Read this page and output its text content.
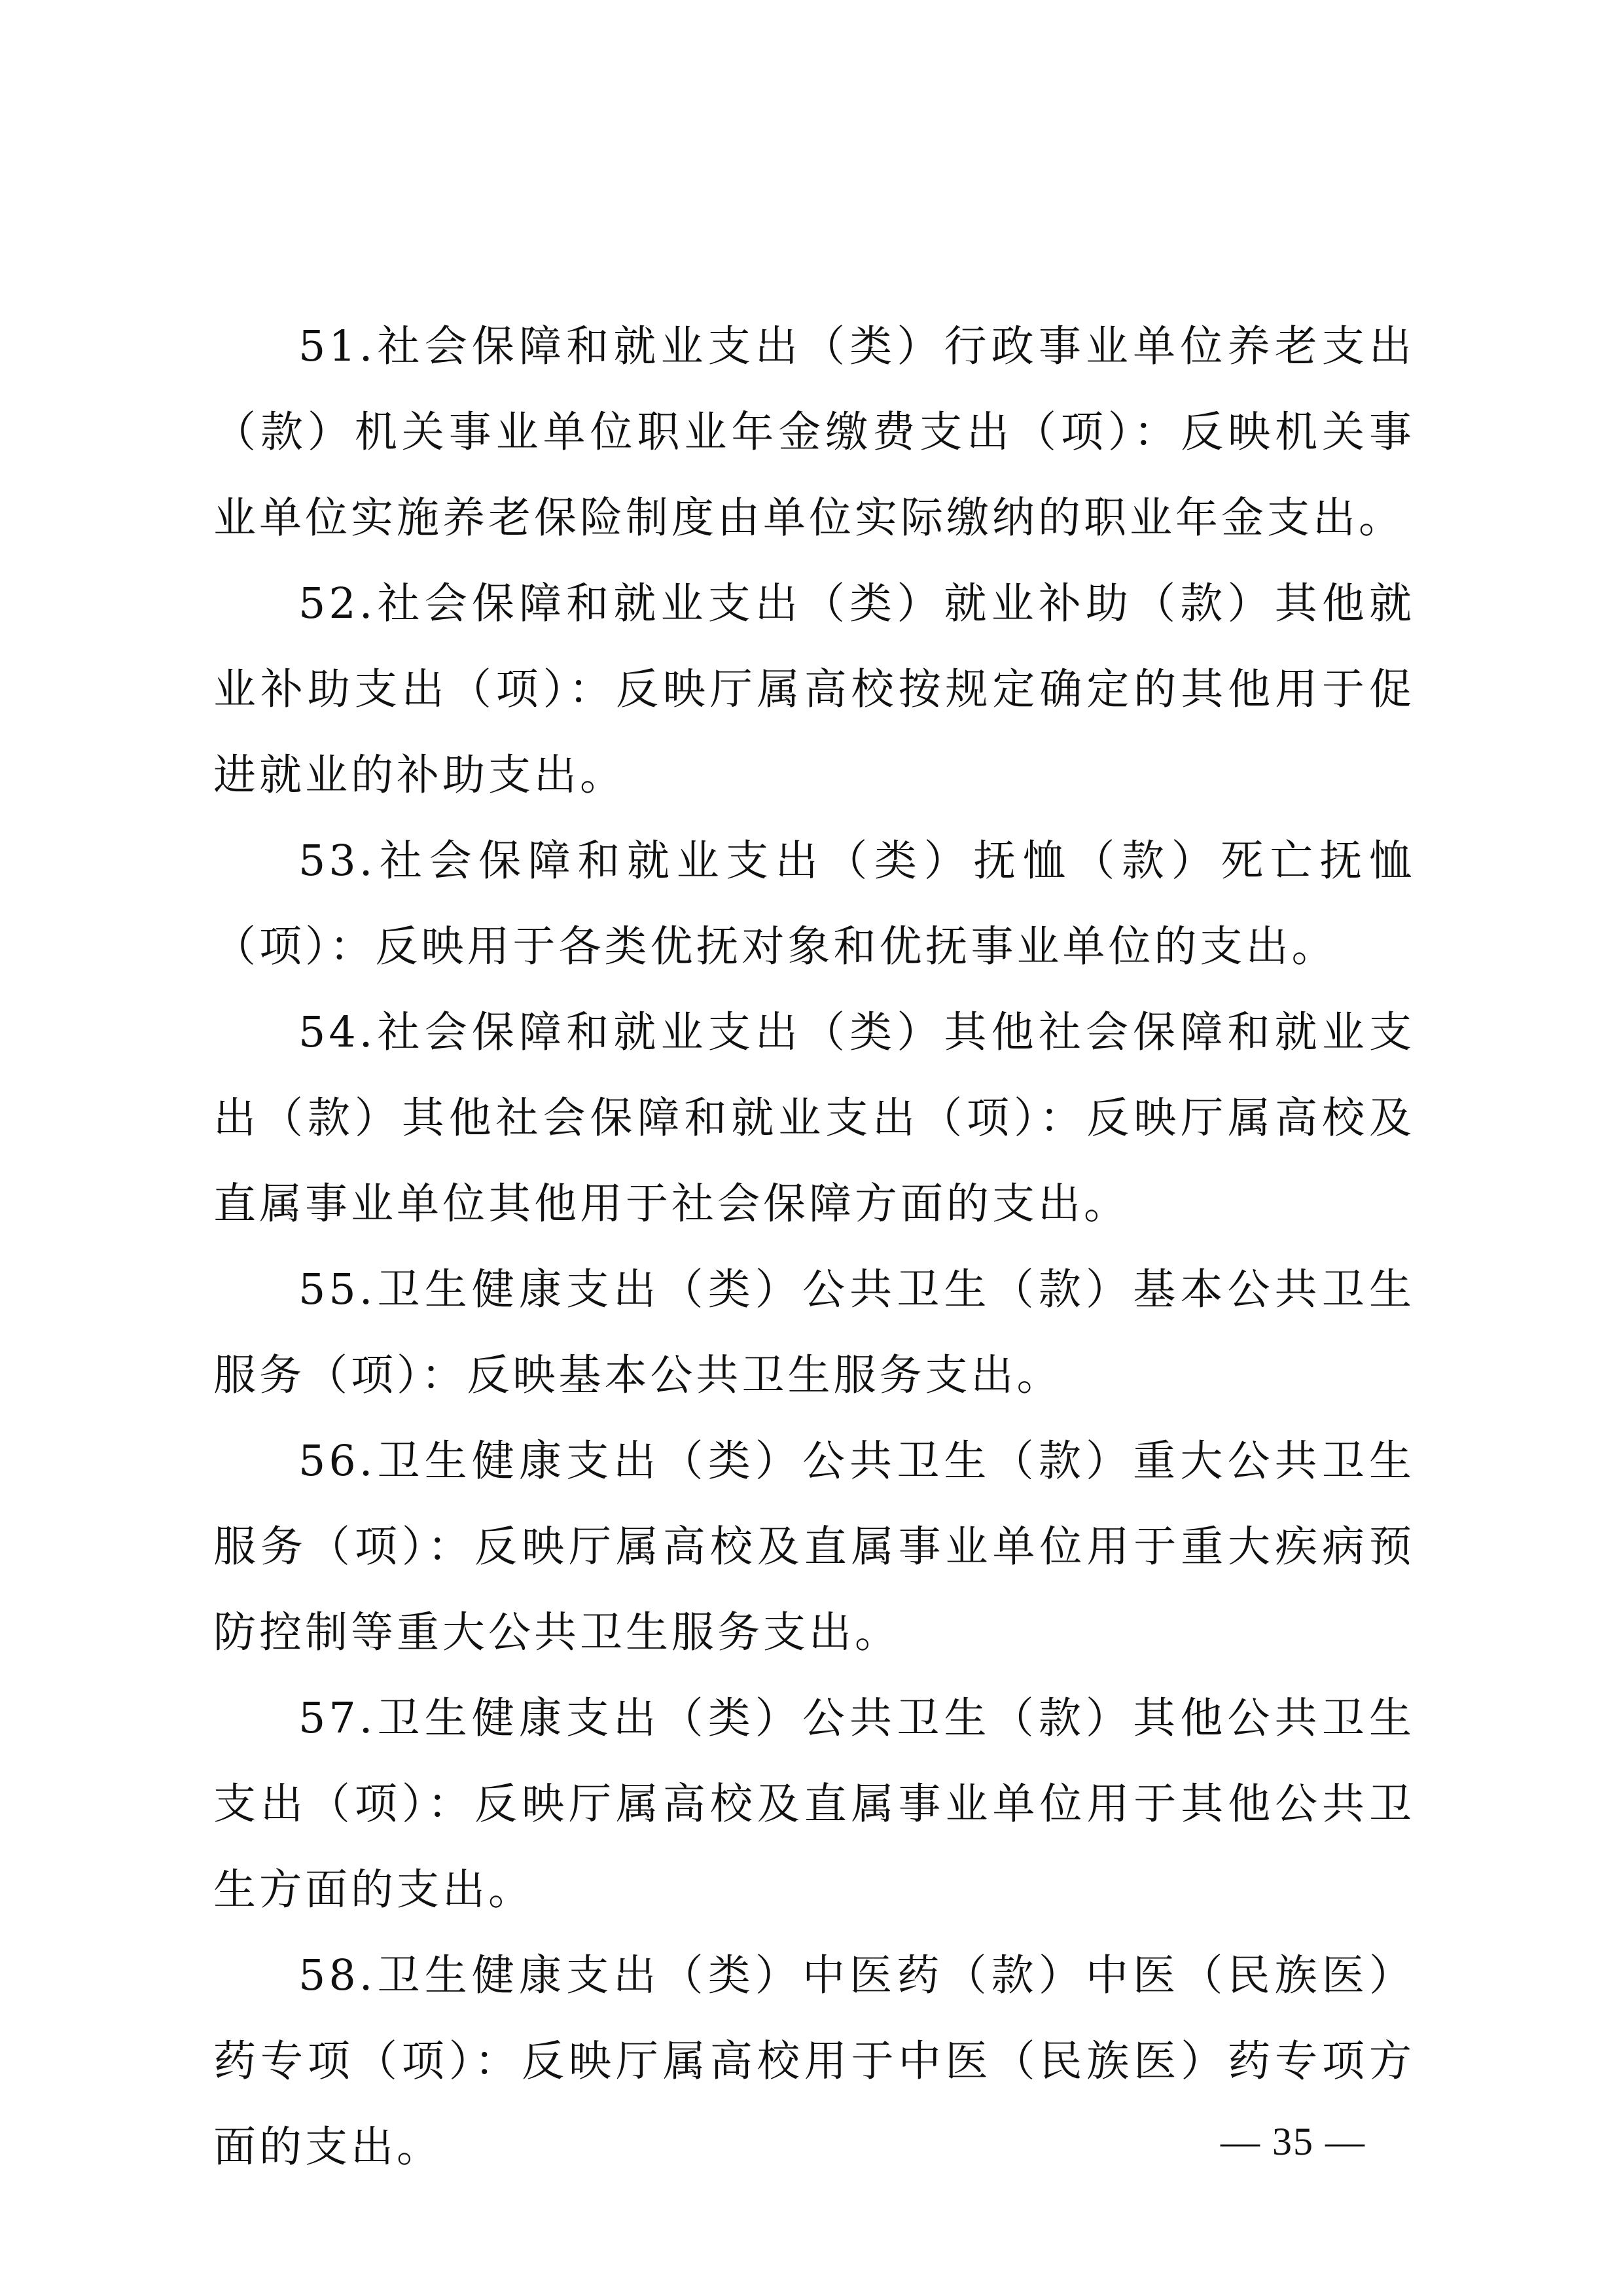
51.社会保障和就业支出（类）行政事业单位养老支出（款）机关事业单位职业年金缴费支出（项）：反映机关事业单位实施养老保险制度由单位实际缴纳的职业年金支出。

52.社会保障和就业支出（类）就业补助（款）其他就业补助支出（项）：反映厅属高校按规定确定的其他用于促进就业的补助支出。

53.社会保障和就业支出（类）抚恤（款）死亡抚恤（项）：反映用于各类优抚对象和优抚事业单位的支出。

54.社会保障和就业支出（类）其他社会保障和就业支出（款）其他社会保障和就业支出（项）：反映厅属高校及直属事业单位其他用于社会保障方面的支出。

55.卫生健康支出（类）公共卫生（款）基本公共卫生服务（项）：反映基本公共卫生服务支出。

56.卫生健康支出（类）公共卫生（款）重大公共卫生服务（项）：反映厅属高校及直属事业单位用于重大疾病预防控制等重大公共卫生服务支出。

57.卫生健康支出（类）公共卫生（款）其他公共卫生支出（项）：反映厅属高校及直属事业单位用于其他公共卫生方面的支出。

58.卫生健康支出（类）中医药（款）中医（民族医）药专项（项）：反映厅属高校用于中医（民族医）药专项方面的支出。	— 35 —
